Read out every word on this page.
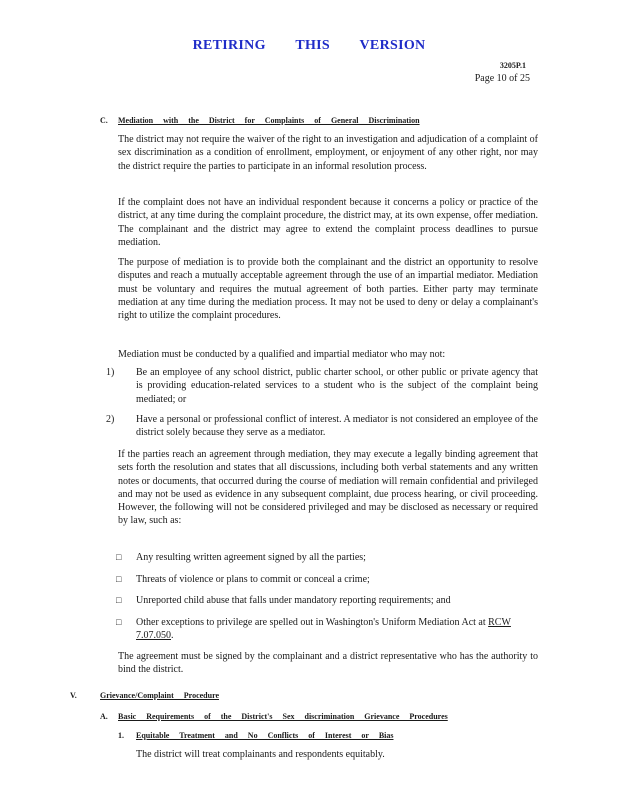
RETIRING THIS VERSION
3205P.1
Page 10 of 25
C. Mediation with the District for Complaints of General Discrimination
The district may not require the waiver of the right to an investigation and adjudication of a complaint of sex discrimination as a condition of enrollment, employment, or enjoyment of any other right, nor may the district require the parties to participate in an informal resolution process.
If the complaint does not have an individual respondent because it concerns a policy or practice of the district, at any time during the complaint procedure, the district may, at its own expense, offer mediation. The complainant and the district may agree to extend the complaint process deadlines to pursue mediation.
The purpose of mediation is to provide both the complainant and the district an opportunity to resolve disputes and reach a mutually acceptable agreement through the use of an impartial mediator. Mediation must be voluntary and requires the mutual agreement of both parties. Either party may terminate mediation at any time during the mediation process. It may not be used to deny or delay a complainant's right to utilize the complaint procedures.
Mediation must be conducted by a qualified and impartial mediator who may not:
1) Be an employee of any school district, public charter school, or other public or private agency that is providing education-related services to a student who is the subject of the complaint being mediated; or
2) Have a personal or professional conflict of interest. A mediator is not considered an employee of the district solely because they serve as a mediator.
If the parties reach an agreement through mediation, they may execute a legally binding agreement that sets forth the resolution and states that all discussions, including both verbal statements and any written notes or documents, that occurred during the course of mediation will remain confidential and privileged and may not be used as evidence in any subsequent complaint, due process hearing, or civil proceeding. However, the following will not be considered privileged and may be disclosed as necessary or required by law, such as:
□ Any resulting written agreement signed by all the parties;
□ Threats of violence or plans to commit or conceal a crime;
□ Unreported child abuse that falls under mandatory reporting requirements; and
□ Other exceptions to privilege are spelled out in Washington's Uniform Mediation Act at RCW 7.07.050.
The agreement must be signed by the complainant and a district representative who has the authority to bind the district.
V.	Grievance/Complaint Procedure
A. Basic Requirements of the District's Sex discrimination Grievance Procedures
1. Equitable Treatment and No Conflicts of Interest or Bias
The district will treat complainants and respondents equitably.
